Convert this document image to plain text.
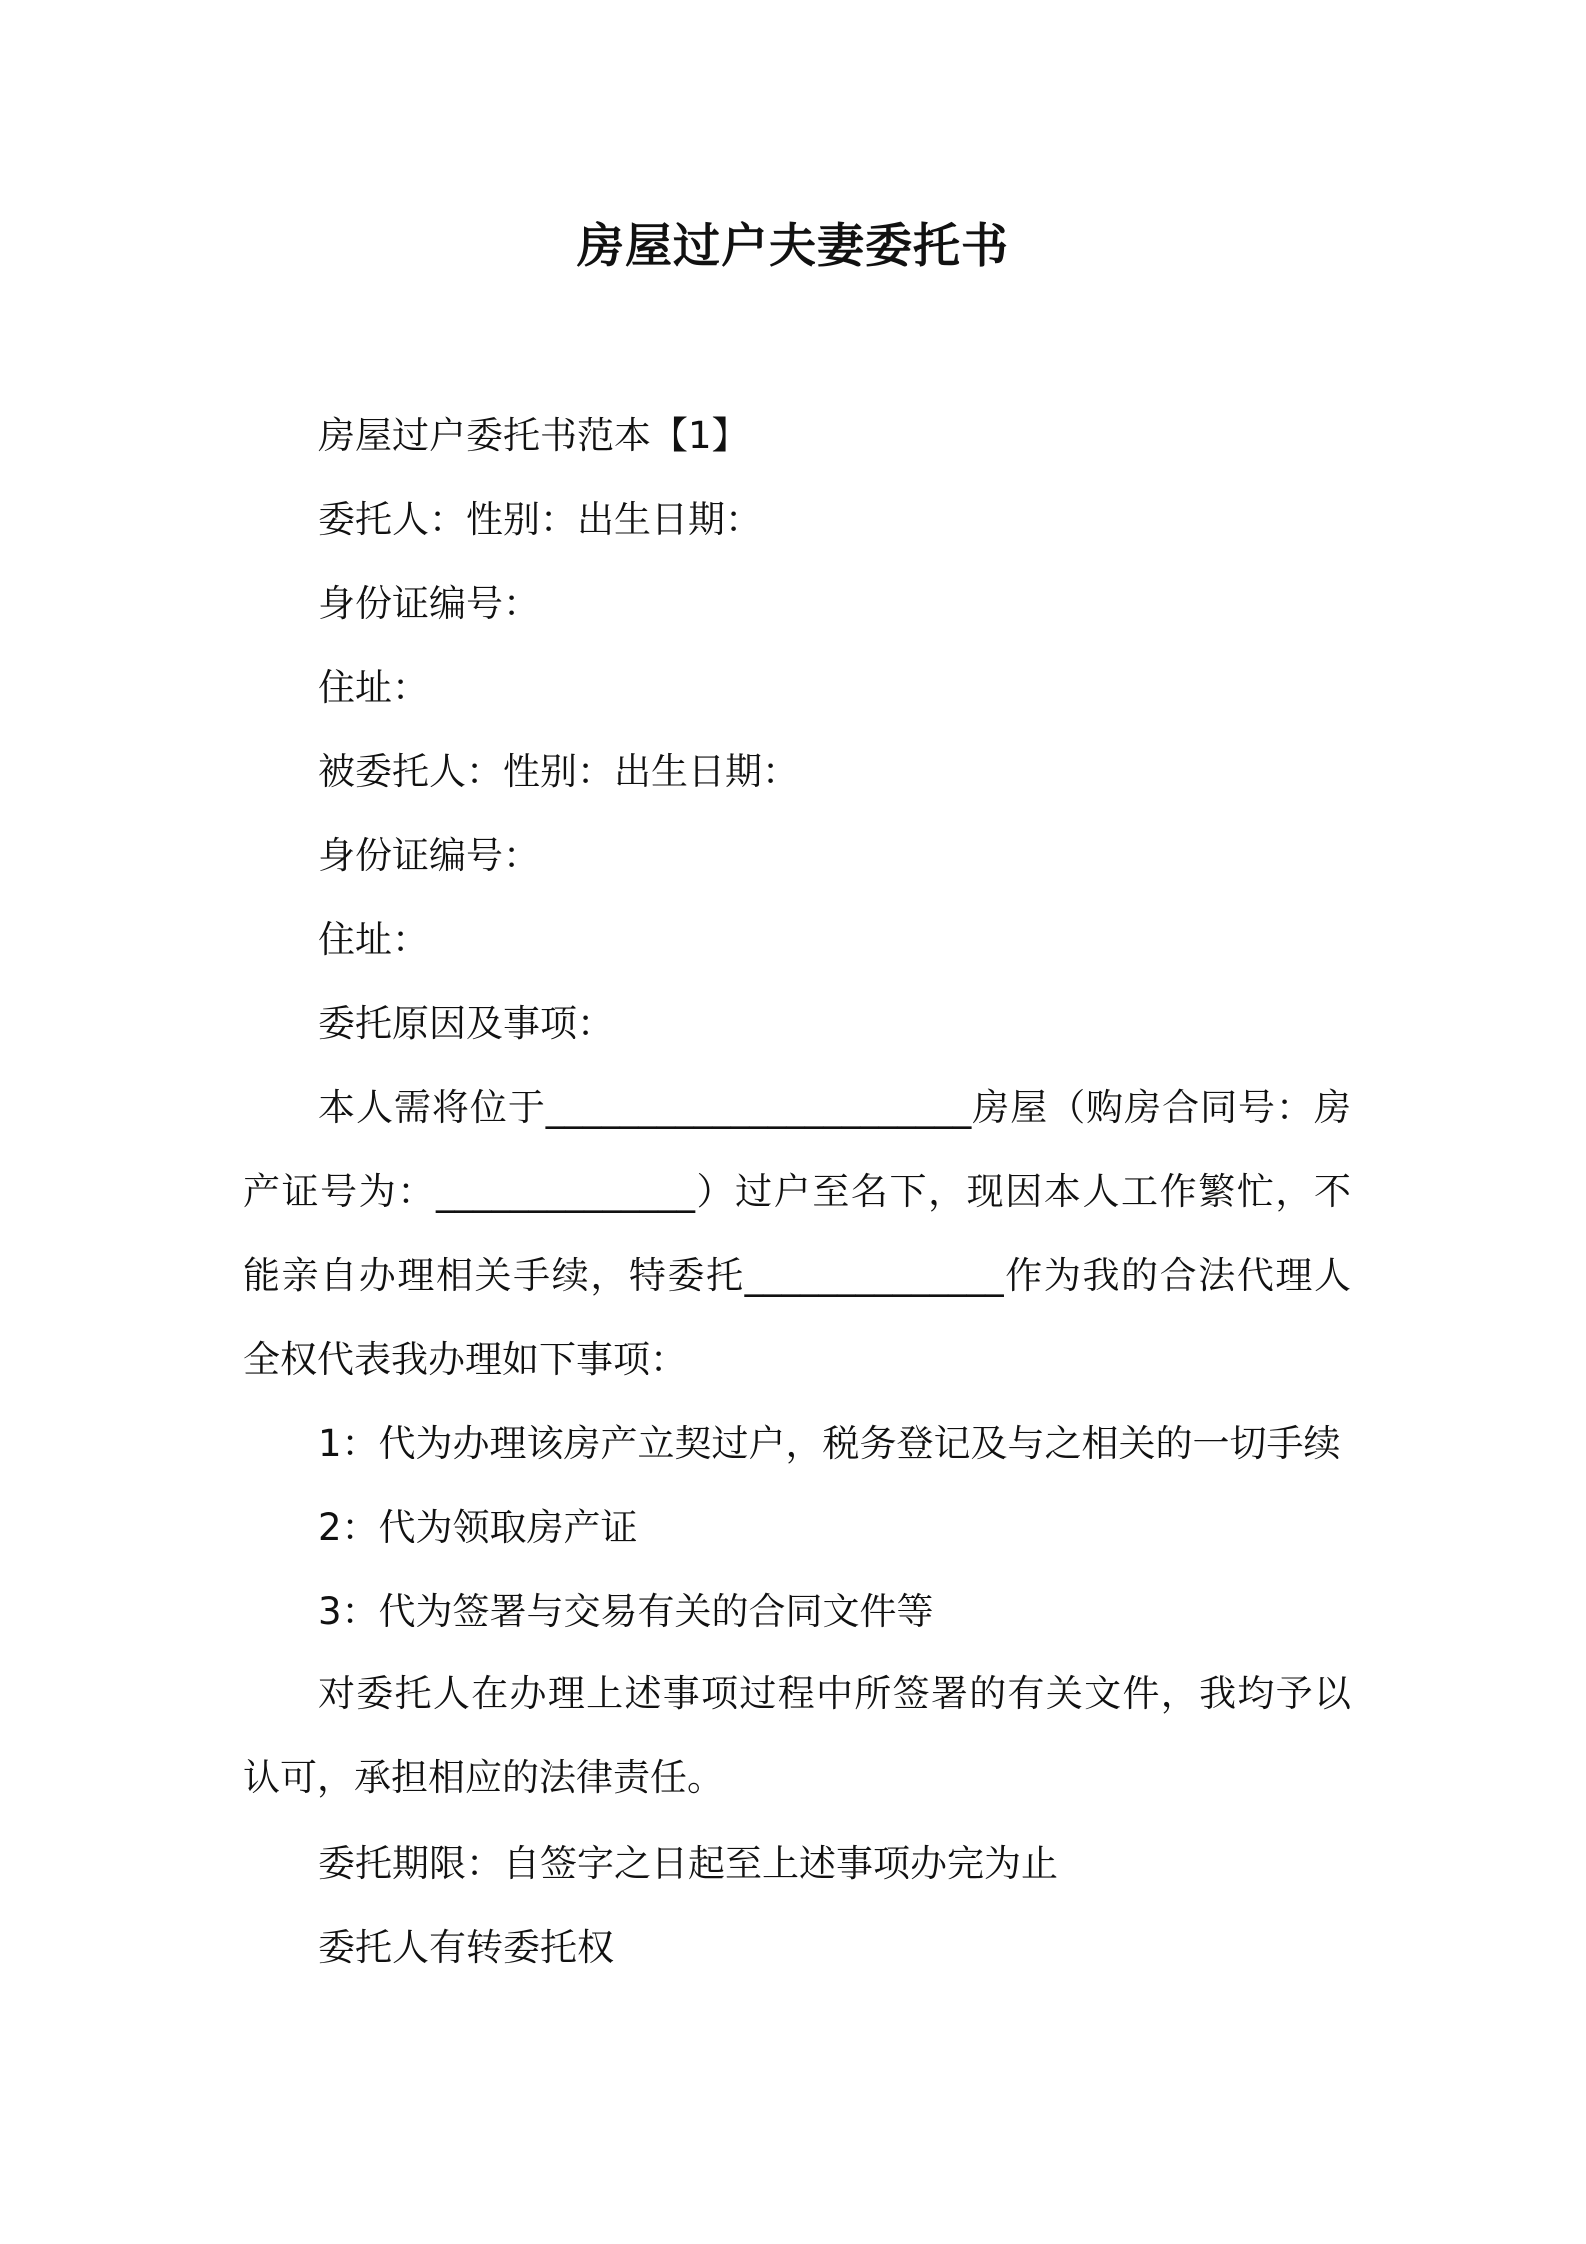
房屋过户夫妻委托书
房屋过户委托书范本【1】
委托人：性别：出生日期：
身份证编号：
住址：
被委托人：性别：出生日期：
身份证编号：
住址：
委托原因及事项：
本人需将位于_______________________房屋（购房合同号：房产证号为：______________）过户至名下，现因本人工作繁忙，不能亲自办理相关手续，特委托______________作为我的合法代理人全权代表我办理如下事项：
1：代为办理该房产立契过户，税务登记及与之相关的一切手续
2：代为领取房产证
3：代为签署与交易有关的合同文件等
对委托人在办理上述事项过程中所签署的有关文件，我均予以认可，承担相应的法律责任。
委托期限：自签字之日起至上述事项办完为止
委托人有转委托权
